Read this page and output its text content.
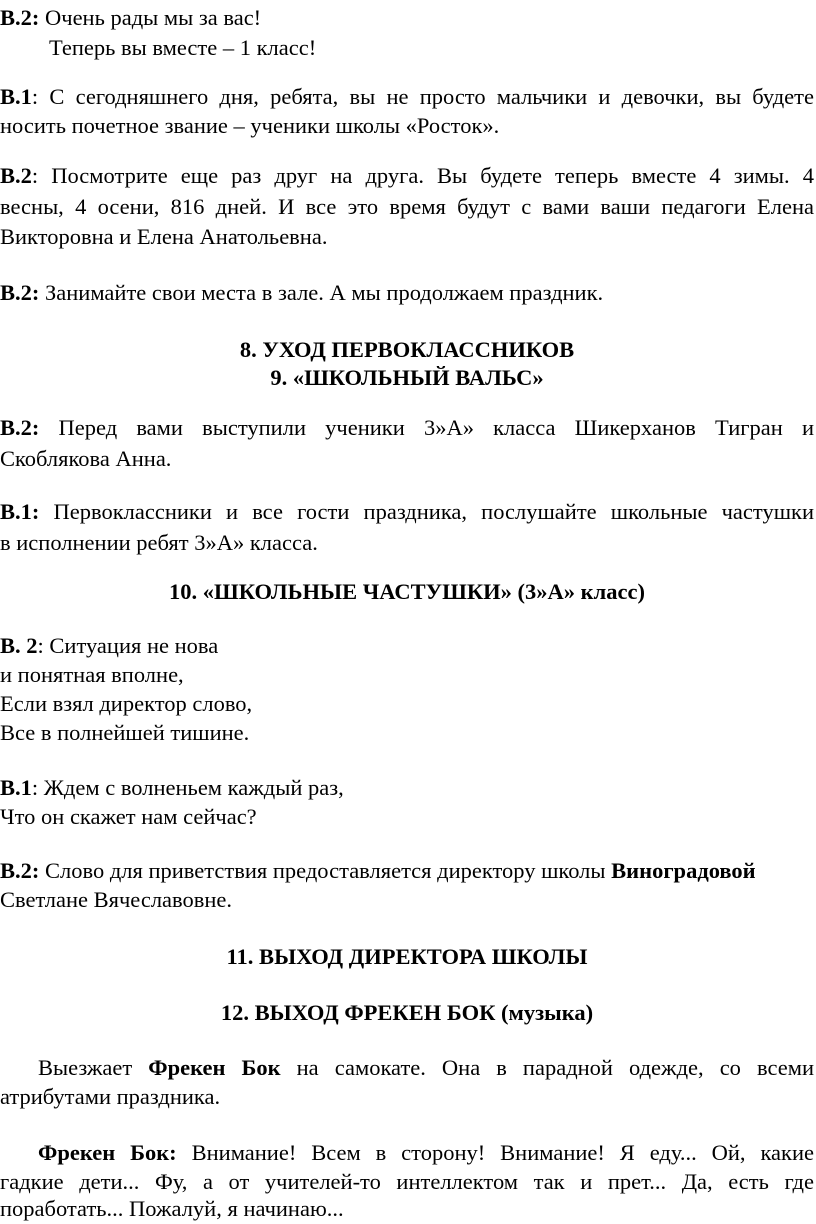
В.2: Очень рады мы за вас!
Теперь вы вместе – 1 класс!
В.1: С сегодняшнего дня, ребята, вы не просто мальчики и девочки, вы будете
носить почетное звание – ученики школы «Росток».
В.2: Посмотрите еще раз друг на друга. Вы будете теперь вместе 4 зимы. 4
весны, 4 осени, 816 дней. И все это время будут с вами ваши педагоги Елена
Викторовна и Елена Анатольевна.
В.2: Занимайте свои места в зале. А мы продолжаем праздник.
8. УХОД ПЕРВОКЛАССНИКОВ
9. «ШКОЛЬНЫЙ ВАЛЬС»
В.2: Перед вами выступили ученики 3»А» класса Шикерханов Тигран и
Скоблякова Анна.
В.1: Первоклассники и все гости праздника, послушайте школьные частушки
в исполнении ребят 3»А» класса.
10. «ШКОЛЬНЫЕ ЧАСТУШКИ» (3»А» класс)
В. 2: Ситуация не нова
и понятная вполне,
Если взял директор слово,
Все в полнейшей тишине.
В.1: Ждем с волненьем каждый раз,
Что он скажет нам сейчас?
В.2: Слово для приветствия предоставляется директору школы Виноградовой
Светлане Вячеславовне.
11. ВЫХОД ДИРЕКТОРА ШКОЛЫ
12. ВЫХОД ФРЕКЕН БОК (музыка)
Выезжает Фрекен Бок на самокате. Она в парадной одежде, со всеми
атрибутами праздника.
Фрекен Бок: Внимание! Всем в сторону! Внимание! Я еду... Ой, какие
гадкие дети... Фу, а от учителей-то интеллектом так и прет... Да, есть где
поработать... Пожалуй, я начинаю...
